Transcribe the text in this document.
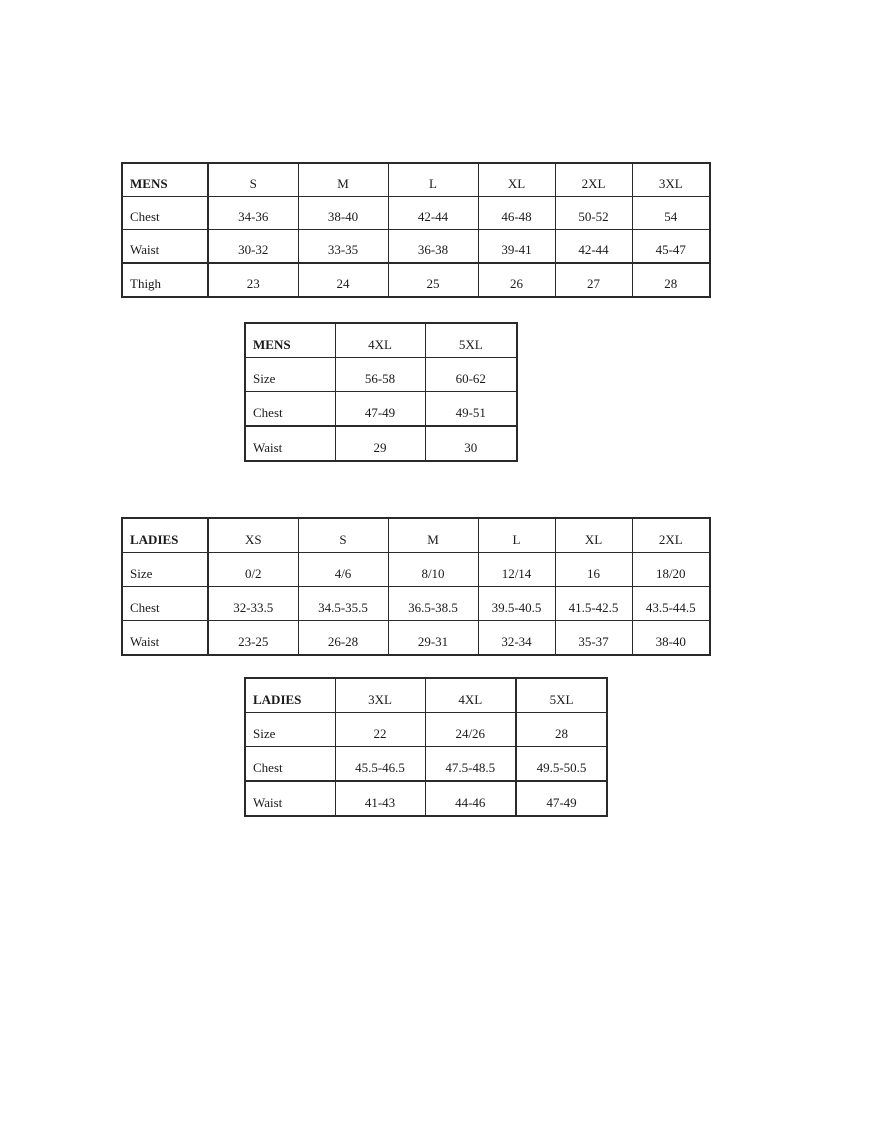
MENS	S	M	L	XL	2XL	3XL
Chest	34-36	38-40	42-44	46-48	50-52	54
Waist	30-32	33-35	36-38	39-41	42-44	45-47
Thigh	23	24	25	26	27	28
MENS	4XL	5XL
Size	56-58	60-62
Chest	47-49	49-51
Waist	29	30
LADIES	XS	S	M	L	XL	2XL
Size	0/2	4/6	8/10	12/14	16	18/20
Chest	32-33.5	34.5-35.5	36.5-38.5	39.5-40.5	41.5-42.5	43.5-44.5
Waist	23-25	26-28	29-31	32-34	35-37	38-40
LADIES	3XL	4XL	5XL
Size	22	24/26	28
Chest	45.5-46.5	47.5-48.5	49.5-50.5
Waist	41-43	44-46	47-49
